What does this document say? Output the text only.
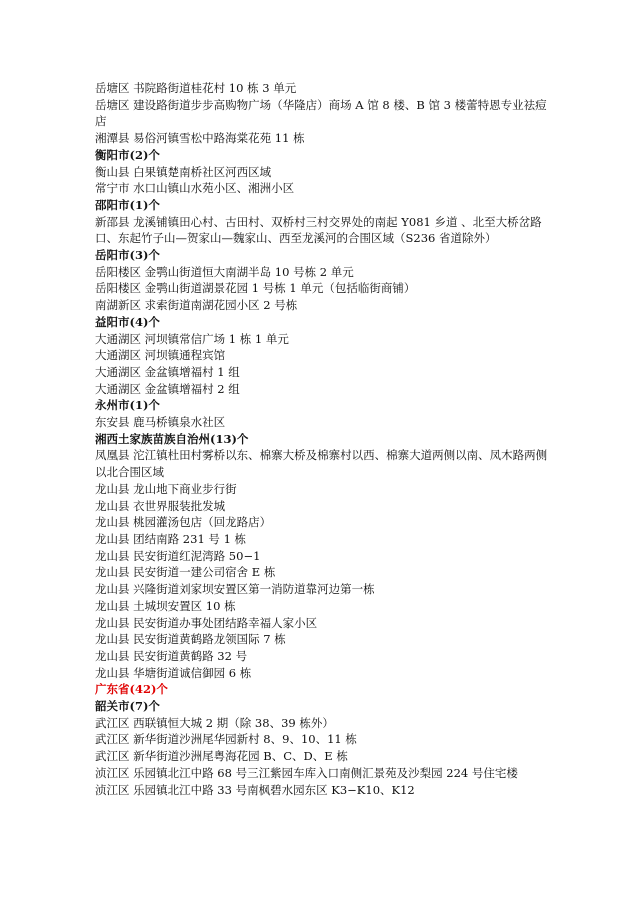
岳塘区 书院路街道桂花村 10 栋 3 单元
岳塘区 建设路街道步步高购物广场（华隆店）商场 A 馆 8 楼、B 馆 3 楼蕾特恩专业祛痘店
湘潭县 易俗河镇雪松中路海棠花苑 11 栋
衡阳市(2)个
衡山县 白果镇楚南桥社区河西区域
常宁市 水口山镇山水苑小区、湘洲小区
邵阳市(1)个
新邵县 龙溪铺镇田心村、古田村、双桥村三村交界处的南起 Y081 乡道 、北至大桥岔路口、东起竹子山—贺家山—魏家山、西至龙溪河的合围区域（S236 省道除外）
岳阳市(3)个
岳阳楼区 金鹗山街道恒大南湖半岛 10 号栋 2 单元
岳阳楼区 金鹗山街道湖景花园 1 号栋 1 单元（包括临街商铺）
南湖新区 求索街道南湖花园小区 2 号栋
益阳市(4)个
大通湖区 河坝镇常信广场 1 栋 1 单元
大通湖区 河坝镇通程宾馆
大通湖区 金盆镇增福村 1 组
大通湖区 金盆镇增福村 2 组
永州市(1)个
东安县 鹿马桥镇泉水社区
湘西土家族苗族自治州(13)个
凤凰县 沱江镇杜田村雾桥以东、棉寨大桥及棉寨村以西、棉寨大道两侧以南、凤木路两侧以北合围区域
龙山县 龙山地下商业步行街
龙山县 衣世界服装批发城
龙山县 桃园灌汤包店（回龙路店）
龙山县 团结南路 231 号 1 栋
龙山县 民安街道红泥湾路 50−1
龙山县 民安街道一建公司宿舍 E 栋
龙山县 兴隆街道刘家坝安置区第一消防道靠河边第一栋
龙山县 土城坝安置区 10 栋
龙山县 民安街道办事处团结路幸福人家小区
龙山县 民安街道黄鹤路龙领国际 7 栋
龙山县 民安街道黄鹤路 32 号
龙山县 华塘街道诚信御园 6 栋
广东省(42)个
韶关市(7)个
武江区 西联镇恒大城 2 期（除 38、39 栋外）
武江区 新华街道沙洲尾华园新村 8、9、10、11 栋
武江区 新华街道沙洲尾粤海花园 B、C、D、E 栋
浈江区 乐园镇北江中路 68 号三江紫园车库入口南侧汇景苑及沙梨园 224 号住宅楼
浈江区 乐园镇北江中路 33 号南枫碧水园东区 K3−K10、K12
